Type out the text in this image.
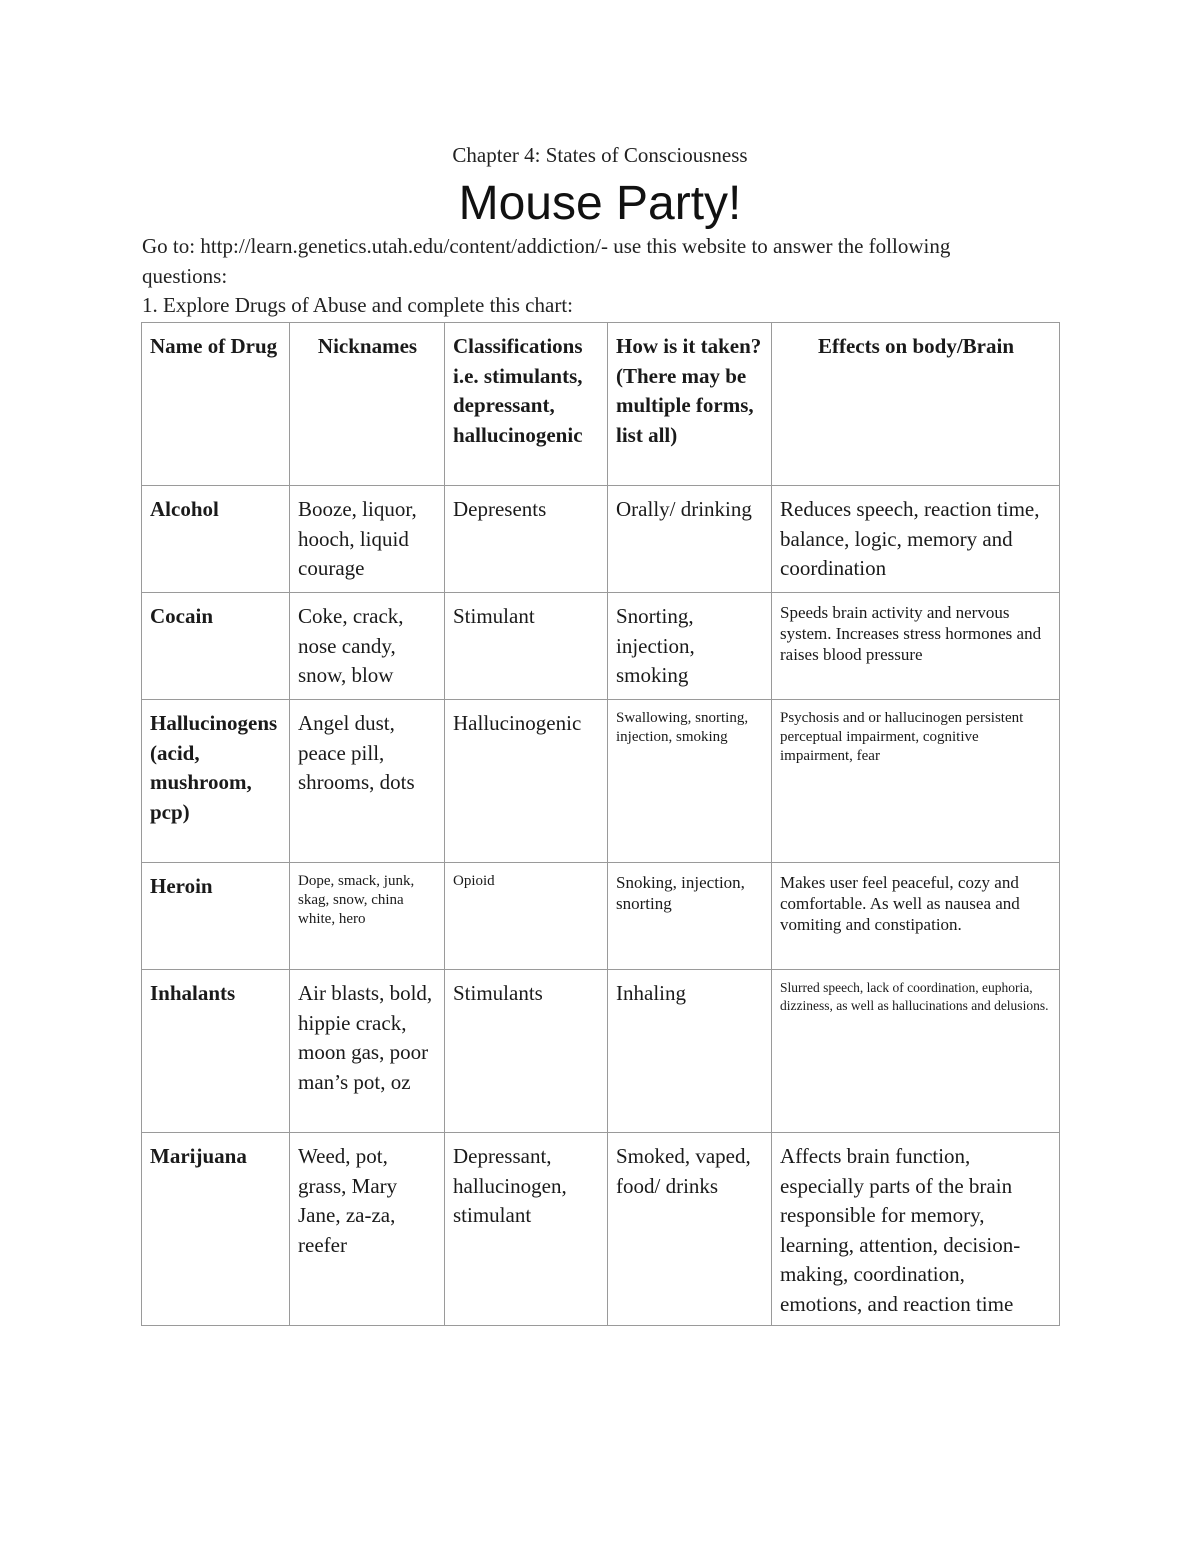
Chapter 4: States of Consciousness
Mouse Party!
Go to: http://learn.genetics.utah.edu/content/addiction/- use this website to answer the following
questions:
1. Explore Drugs of Abuse and complete this chart:
Name of Drug	Nicknames	Classifications i.e. stimulants, depressant, hallucinogenic	How is it taken? (There may be multiple forms, list all)	Effects on body/Brain
Alcohol	Booze, liquor, hooch, liquid courage	Depresents	Orally/ drinking	Reduces speech, reaction time, balance, logic, memory and coordination
Cocain	Coke, crack, nose candy, snow, blow	Stimulant	Snorting, injection, smoking	Speeds brain activity and nervous system. Increases stress hormones and raises blood pressure
Hallucinogens (acid, mushroom, pcp)	Angel dust, peace pill, shrooms, dots	Hallucinogenic	Swallowing, snorting, injection, smoking	Psychosis and or hallucinogen persistent perceptual impairment, cognitive impairment, fear
Heroin	Dope, smack, junk, skag, snow, china white, hero	Opioid	Snoking, injection, snorting	Makes user feel peaceful, cozy and comfortable. As well as nausea and vomiting and constipation.
Inhalants	Air blasts, bold, hippie crack, moon gas, poor man’s pot, oz	Stimulants	Inhaling	Slurred speech, lack of coordination, euphoria, dizziness, as well as hallucinations and delusions.
Marijuana	Weed, pot, grass, Mary Jane, za-za, reefer	Depressant, hallucinogen, stimulant	Smoked, vaped, food/ drinks	Affects brain function, especially parts of the brain responsible for memory, learning, attention, decision-making, coordination, emotions, and reaction time
